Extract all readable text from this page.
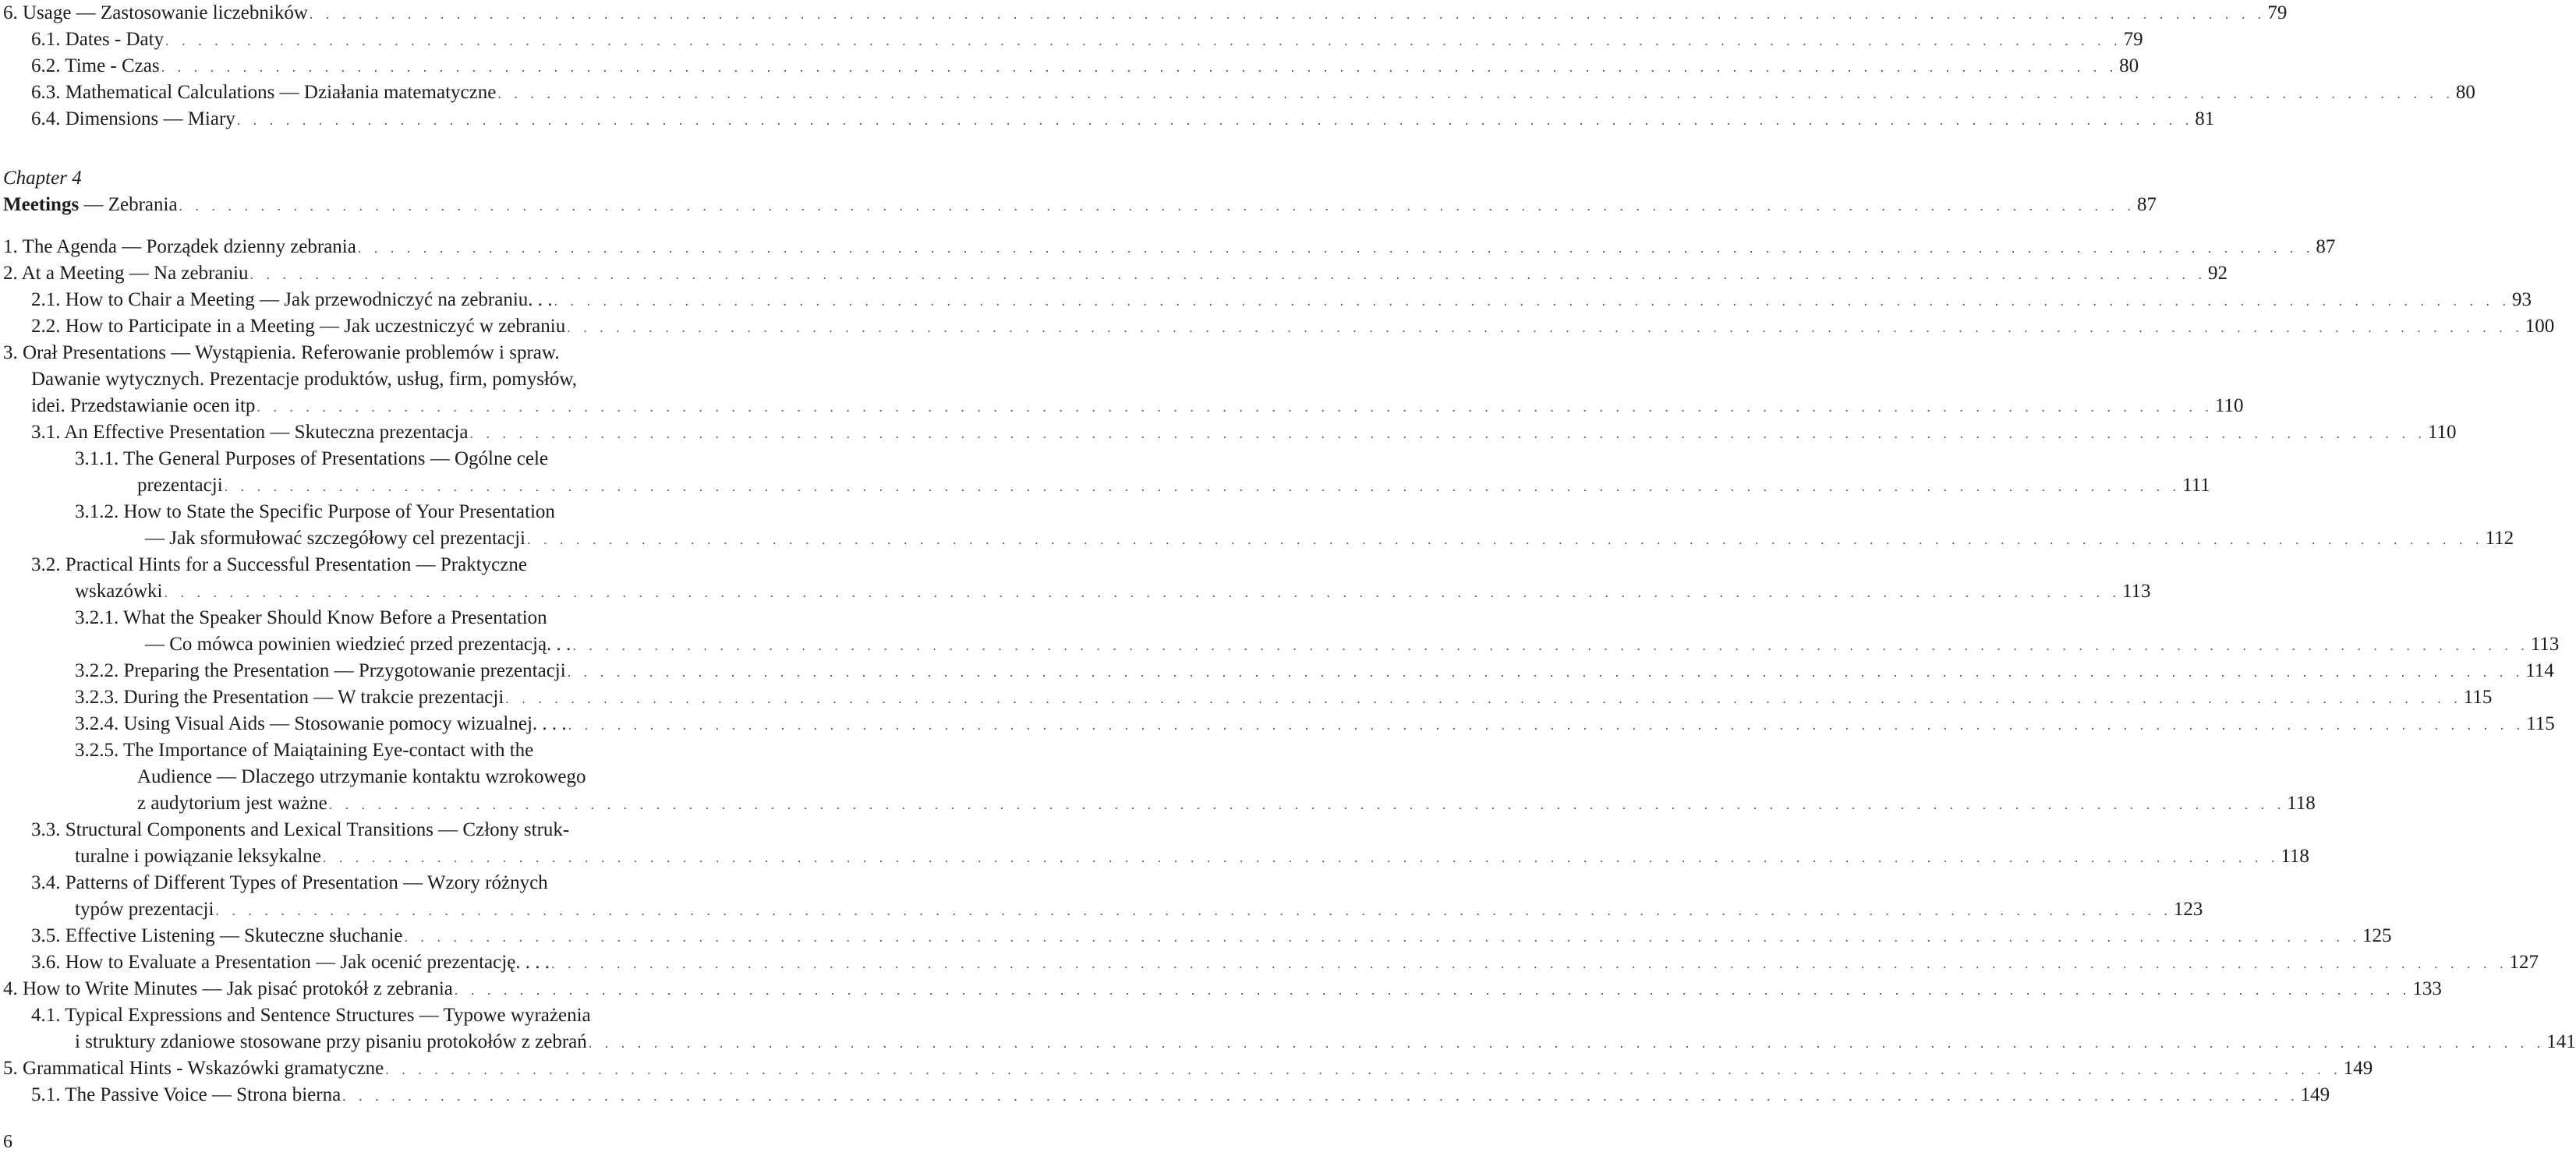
6. Usage — Zastosowanie liczebników . . . . . . . . . . . . . . . . . . . . . . . . . . . . . . . . . . . . . . . . . . . . . . . . . . . . . . . . . . . . . . . . . . . . . . . . . . . . . . . . . . . . . . . . . . . . . . . . . . . . . . . . . . . . . . . . . . . . . . . . 79
6.1. Dates - Daty . . . . . . . . . . . . . . . . . . . . . . . . . . . . . . . . . . . . . . . . . . . . . . . . . . . . . . . . . . . . . . . . . . . . . . . . . . . . . . . . . . . . . . . . . . . . . . . . . . . . . . . . . . . . . . . . . . . . . . . . 79
6.2. Time - Czas . . . . . . . . . . . . . . . . . . . . . . . . . . . . . . . . . . . . . . . . . . . . . . . . . . . . . . . . . . . . . . . . . . . . . . . . . . . . . . . . . . . . . . . . . . . . . . . . . . . . . . . . . . . . . . . . . . . . . . . . 80
6.3. Mathematical Calculations — Działania matematyczne . . . . . . . . . . . . . . . . . . . . . . . . . . . . . . . . . . . . . . . . . . . . . . . . . . . . . . . . . . . . . . . . . . . . . . . . . . . . . . . . . . . . . . . . . . . . . . . . . . . . . . . . . . . . . . . . . . . . . . . . 80
6.4. Dimensions — Miary . . . . . . . . . . . . . . . . . . . . . . . . . . . . . . . . . . . . . . . . . . . . . . . . . . . . . . . . . . . . . . . . . . . . . . . . . . . . . . . . . . . . . . . . . . . . . . . . . . . . . . . . . . . . . . . . . . . . . . . . 81
Meetings — Zebrania . . . . . . . . . . . . . . . . . . . . . . . . . . . . . . . . . . . . . . . . . . . . . . . . . . . . . . . . . . . . . . . . . . . . . . . . . . . . . . . . . . . . . . . . . . . . . . . . . . . . . . . . . . . . . . . . . . . . . . . . 87
1. The Agenda — Porządek dzienny zebrania . . . . . . . . . . . . . . . . . . . . . . . . . . . . . . . . . . . . . . . . . . . . . . . . . . . . . . . . . . . . . . . . . . . . . . . . . . . . . . . . . . . . . . . . . . . . . . . . . . . . . . . . . . . . . . . . . . . . . . . . 87
2. At a Meeting — Na zebraniu . . . . . . . . . . . . . . . . . . . . . . . . . . . . . . . . . . . . . . . . . . . . . . . . . . . . . . . . . . . . . . . . . . . . . . . . . . . . . . . . . . . . . . . . . . . . . . . . . . . . . . . . . . . . . . . . . . . . . . . . 92
2.1. How to Chair a Meeting — Jak przewodniczyć na zebraniu. . . . . . . . . . . . . . . . . . . . . . . . . . . . . . . . . . . . . . . . . . . . . . . . . . . . . . . . . . . . . . . . . . . . . . . . . . . . . . . . . . . . . . . . . . . . . . . . . . . . . . . . . . . . . . . . . . . . . . . . . . . 93
2.2. How to Participate in a Meeting — Jak uczestniczyć w zebraniu . . . . . . . . . . . . . . . . . . . . . . . . . . . . . . . . . . . . . . . . . . . . . . . . . . . . . . . . . . . . . . . . . . . . . . . . . . . . . . . . . . . . . . . . . . . . . . . . . . . . . . . . . . . . . . . . . . . . . . . . 100
3. Orał Presentations — Wystąpienia. Referowanie problemów i spraw.
Dawanie wytycznych. Prezentacje produktów, usług, firm, pomysłów,
idei. Przedstawianie ocen itp . . . . . . . . . . . . . . . . . . . . . . . . . . . . . . . . . . . . . . . . . . . . . . . . . . . . . . . . . . . . . . . . . . . . . . . . . . . . . . . . . . . . . . . . . . . . . . . . . . . . . . . . . . . . . . . . . . . . . . . . 110
3.1. An Effective Presentation — Skuteczna prezentacja . . . . . . . . . . . . . . . . . . . . . . . . . . . . . . . . . . . . . . . . . . . . . . . . . . . . . . . . . . . . . . . . . . . . . . . . . . . . . . . . . . . . . . . . . . . . . . . . . . . . . . . . . . . . . . . . . . . . . . . . 110
3.1.1. The General Purposes of Presentations — Ogólne cele
prezentacji . . . . . . . . . . . . . . . . . . . . . . . . . . . . . . . . . . . . . . . . . . . . . . . . . . . . . . . . . . . . . . . . . . . . . . . . . . . . . . . . . . . . . . . . . . . . . . . . . . . . . . . . . . . . . . . . . . . . . . . . 111
3.1.2. How to State the Specific Purpose of Your Presentation
— Jak sformułować szczegółowy cel prezentacji . . . . . . . . . . . . . . . . . . . . . . . . . . . . . . . . . . . . . . . . . . . . . . . . . . . . . . . . . . . . . . . . . . . . . . . . . . . . . . . . . . . . . . . . . . . . . . . . . . . . . . . . . . . . . . . . . . . . . . . . 112
3.2. Practical Hints for a Successful Presentation — Praktyczne
wskazówki . . . . . . . . . . . . . . . . . . . . . . . . . . . . . . . . . . . . . . . . . . . . . . . . . . . . . . . . . . . . . . . . . . . . . . . . . . . . . . . . . . . . . . . . . . . . . . . . . . . . . . . . . . . . . . . . . . . . . . . . 113
3.2.1. What the Speaker Should Know Before a Presentation
— Co mówca powinien wiedzieć przed prezentacją. . . . . . . . . . . . . . . . . . . . . . . . . . . . . . . . . . . . . . . . . . . . . . . . . . . . . . . . . . . . . . . . . . . . . . . . . . . . . . . . . . . . . . . . . . . . . . . . . . . . . . . . . . . . . . . . . . . . . . . . . . . 113
3.2.2. Preparing the Presentation — Przygotowanie prezentacji . . . . . . . . . . . . . . . . . . . . . . . . . . . . . . . . . . . . . . . . . . . . . . . . . . . . . . . . . . . . . . . . . . . . . . . . . . . . . . . . . . . . . . . . . . . . . . . . . . . . . . . . . . . . . . . . . . . . . . . . 114
3.2.3. During the Presentation — W trakcie prezentacji . . . . . . . . . . . . . . . . . . . . . . . . . . . . . . . . . . . . . . . . . . . . . . . . . . . . . . . . . . . . . . . . . . . . . . . . . . . . . . . . . . . . . . . . . . . . . . . . . . . . . . . . . . . . . . . . . . . . . . . . 115
3.2.4. Using Visual Aids — Stosowanie pomocy wizualnej. . . . . . . . . . . . . . . . . . . . . . . . . . . . . . . . . . . . . . . . . . . . . . . . . . . . . . . . . . . . . . . . . . . . . . . . . . . . . . . . . . . . . . . . . . . . . . . . . . . . . . . . . . . . . . . . . . . . . . . . . . . . 115
3.2.5. The Importance of Maiątaining Eye-contact with the
Audience — Dlaczego utrzymanie kontaktu wzrokowego
z audytorium jest ważne . . . . . . . . . . . . . . . . . . . . . . . . . . . . . . . . . . . . . . . . . . . . . . . . . . . . . . . . . . . . . . . . . . . . . . . . . . . . . . . . . . . . . . . . . . . . . . . . . . . . . . . . . . . . . . . . . . . . . . . . 118
3.3. Structural Components and Lexical Transitions — Człony struk-
turalne i powiązanie leksykalne . . . . . . . . . . . . . . . . . . . . . . . . . . . . . . . . . . . . . . . . . . . . . . . . . . . . . . . . . . . . . . . . . . . . . . . . . . . . . . . . . . . . . . . . . . . . . . . . . . . . . . . . . . . . . . . . . . . . . . . . 118
3.4. Patterns of Different Types of Presentation — Wzory różnych
typów prezentacji . . . . . . . . . . . . . . . . . . . . . . . . . . . . . . . . . . . . . . . . . . . . . . . . . . . . . . . . . . . . . . . . . . . . . . . . . . . . . . . . . . . . . . . . . . . . . . . . . . . . . . . . . . . . . . . . . . . . . . . . 123
3.5. Effective Listening — Skuteczne słuchanie . . . . . . . . . . . . . . . . . . . . . . . . . . . . . . . . . . . . . . . . . . . . . . . . . . . . . . . . . . . . . . . . . . . . . . . . . . . . . . . . . . . . . . . . . . . . . . . . . . . . . . . . . . . . . . . . . . . . . . . . 125
3.6. How to Evaluate a Presentation — Jak ocenić prezentację. . . . . . . . . . . . . . . . . . . . . . . . . . . . . . . . . . . . . . . . . . . . . . . . . . . . . . . . . . . . . . . . . . . . . . . . . . . . . . . . . . . . . . . . . . . . . . . . . . . . . . . . . . . . . . . . . . . . . . . . . . . . 127
4. How to Write Minutes — Jak pisać protokół z zebrania . . . . . . . . . . . . . . . . . . . . . . . . . . . . . . . . . . . . . . . . . . . . . . . . . . . . . . . . . . . . . . . . . . . . . . . . . . . . . . . . . . . . . . . . . . . . . . . . . . . . . . . . . . . . . . . . . . . . . . . . 133
4.1. Typical Expressions and Sentence Structures — Typowe wyrażenia
i struktury zdaniowe stosowane przy pisaniu protokołów z zebrań . . . . . . . . . . . . . . . . . . . . . . . . . . . . . . . . . . . . . . . . . . . . . . . . . . . . . . . . . . . . . . . . . . . . . . . . . . . . . . . . . . . . . . . . . . . . . . . . . . . . . . . . . . . . . . . . . . . . . . . . 141
5. Grammatical Hints - Wskazówki gramatyczne . . . . . . . . . . . . . . . . . . . . . . . . . . . . . . . . . . . . . . . . . . . . . . . . . . . . . . . . . . . . . . . . . . . . . . . . . . . . . . . . . . . . . . . . . . . . . . . . . . . . . . . . . . . . . . . . . . . . . . . . 149
5.1. The Passive Voice — Strona bierna . . . . . . . . . . . . . . . . . . . . . . . . . . . . . . . . . . . . . . . . . . . . . . . . . . . . . . . . . . . . . . . . . . . . . . . . . . . . . . . . . . . . . . . . . . . . . . . . . . . . . . . . . . . . . . . . . . . . . . . . 149
Chapter 4
6
